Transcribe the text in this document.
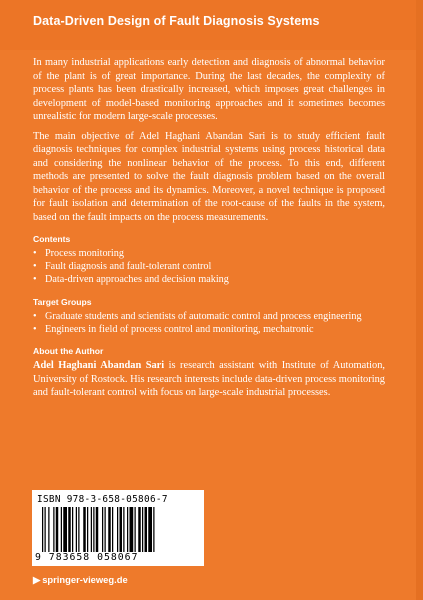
Data-Driven Design of Fault Diagnosis Systems

In many industrial applications early detection and diagnosis of abnormal behavior of the plant is of great importance. During the last decades, the complexity of process plants has been drastically increased, which imposes great challenges in development of model-based monitoring approaches and it sometimes becomes unrealistic for modern large-scale processes.

The main objective of Adel Haghani Abandan Sari is to study efficient fault diagnosis techniques for complex industrial systems using process historical data and considering the nonlinear behavior of the process. To this end, different methods are presented to solve the fault diagnosis problem based on the overall behavior of the process and its dynamics. Moreover, a novel technique is proposed for fault isolation and determination of the root-cause of the faults in the system, based on the fault impacts on the process measurements.

Contents
• Process monitoring
• Fault diagnosis and fault-tolerant control
• Data-driven approaches and decision making
Target Groups
• Graduate students and scientists of automatic control and process engineering
• Engineers in field of process control and monitoring, mechatronic
About the Author

Adel Haghani Abandan Sari is research assistant with Institute of Automation, University of Rostock. His research interests include data-driven process monitoring and fault-tolerant control with focus on large-scale industrial processes.

ISBN 978-3-658-05806-7
9 783658 058067
▶ springer-vieweg.de
